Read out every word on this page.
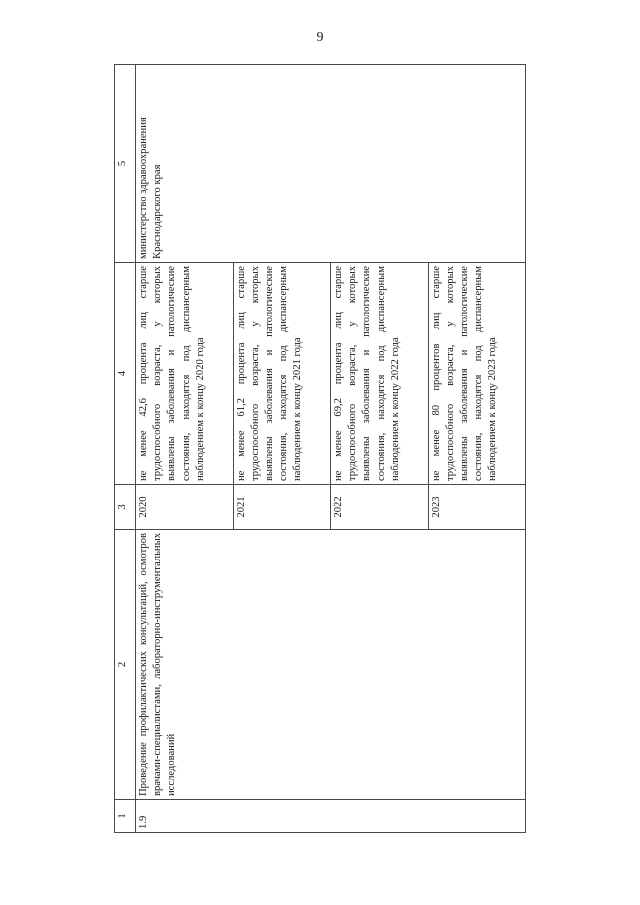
9
1	2	3	4	5
1.9	Проведение профилактических консультаций, осмотров врачами-специалистами, лабораторно-инструментальных исследований	2020	не менее 42,6 процента лиц старше трудоспособного возраста, у которых выявлены заболевания и патологические состояния, находятся под диспансерным наблюдением к концу 2020 года	министерство здравоохранения Краснодарского края
		2021	не менее 61,2 процента лиц старше трудоспособного возраста, у которых выявлены заболевания и патологические состояния, находятся под диспансерным наблюдением к концу 2021 года	
		2022	не менее 69,2 процента лиц старше трудоспособного возраста, у которых выявлены заболевания и патологические состояния, находятся под диспансерным наблюдением к концу 2022 года	
		2023	не менее 80 процентов лиц старше трудоспособного возраста, у которых выявлены заболевания и патологические состояния, находятся под диспансерным наблюдением к концу 2023 года	
